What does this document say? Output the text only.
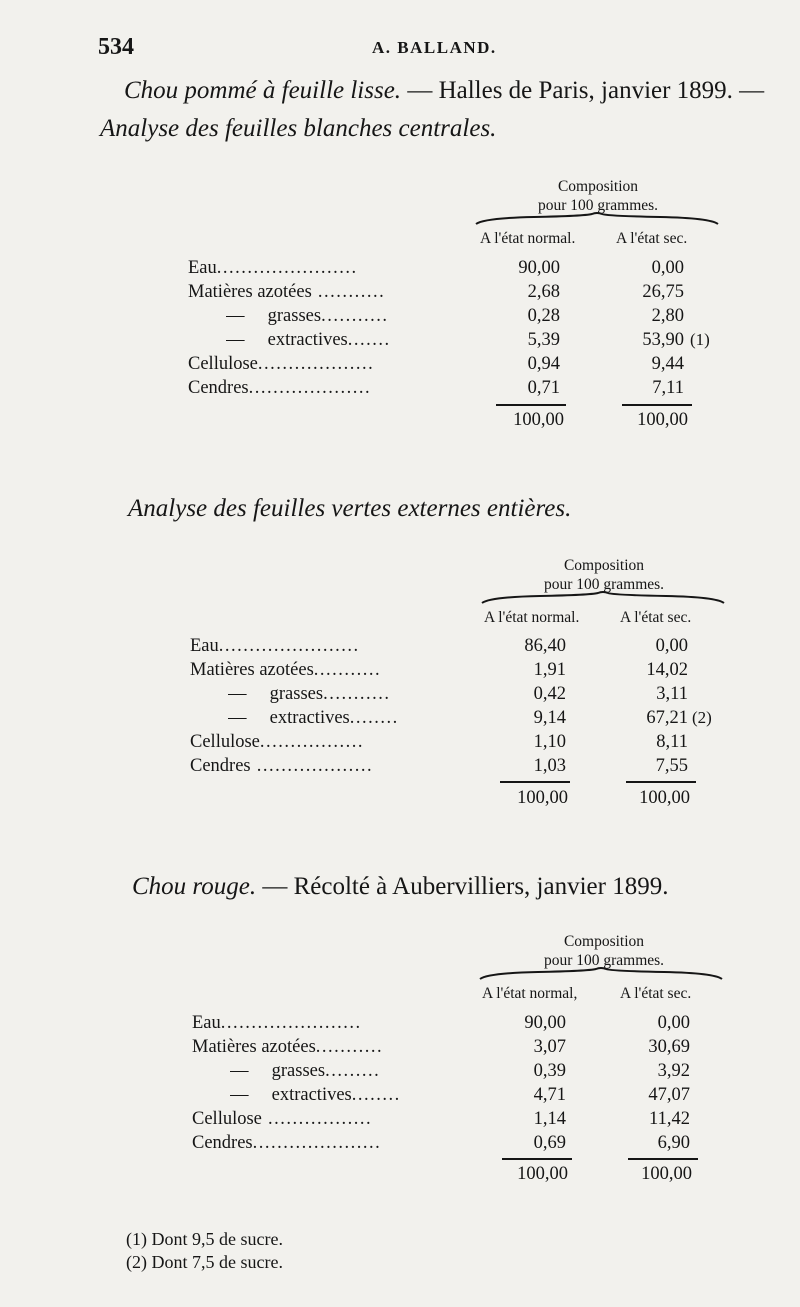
534	A. BALLAND.
Chou pommé à feuille lisse. — Halles de Paris, janvier 1899. — Analyse des feuilles blanches centrales.
Composition
pour 100 grammes.
A l'état normal.	A l'état sec.
Eau.......................	90,00	0,00
Matières azotées ...........	2,68	26,75
—     grasses...........	0,28	2,80
—     extractives.......	5,39	53,90 (1)
Cellulose...................	0,94	9,44
Cendres....................	0,71	7,11
100,00	100,00
Analyse des feuilles vertes externes entières.
Composition
pour 100 grammes.
A l'état normal.	A l'état sec.
Eau.......................	86,40	0,00
Matières azotées...........	1,91	14,02
—     grasses...........	0,42	3,11
—     extractives........	9,14	67,21 (2)
Cellulose.................	1,10	8,11
Cendres ...................	1,03	7,55
100,00	100,00
Chou rouge. — Récolté à Aubervilliers, janvier 1899.
Composition
pour 100 grammes.
A l'état normal,	A l'état sec.
Eau.......................	90,00	0,00
Matières azotées...........	3,07	30,69
—     grasses.........	0,39	3,92
—     extractives........	4,71	47,07
Cellulose .................	1,14	11,42
Cendres.....................	0,69	6,90
100,00	100,00
(1) Dont 9,5 de sucre.
(2) Dont 7,5 de sucre.
